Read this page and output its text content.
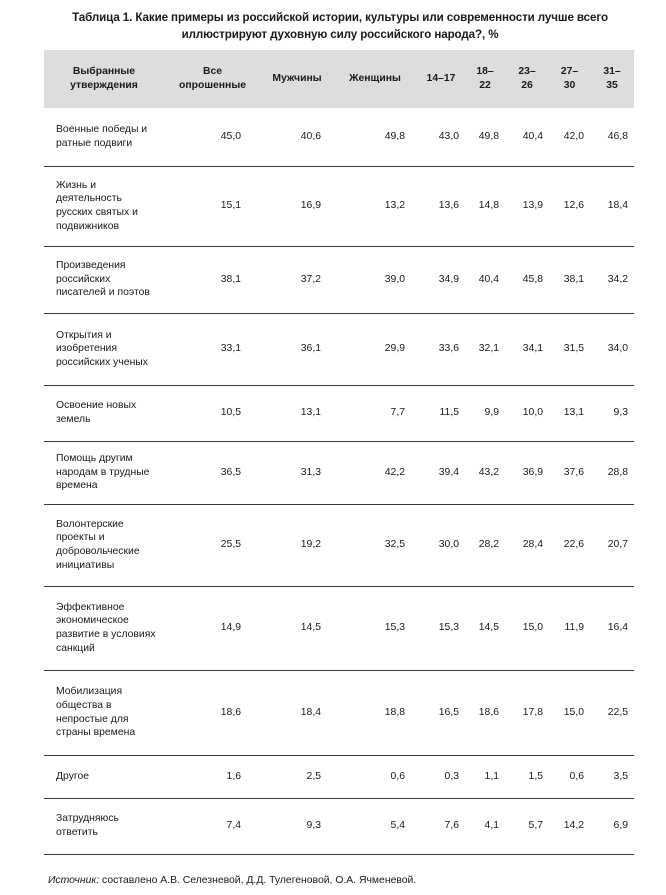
Таблица 1. Какие примеры из российской истории, культуры или современности лучше всего иллюстрируют духовную силу российского народа?, %
Выбранные утверждения	Все опрошенные	Мужчины	Женщины	14–17	18–22	23–26	27–30	31–35
Военные победы и ратные подвиги	45,0	40,6	49,8	43,0	49,8	40,4	42,0	46,8
Жизнь и деятельность русских святых и подвижников	15,1	16,9	13,2	13,6	14,8	13,9	12,6	18,4
Произведения российских писателей и поэтов	38,1	37,2	39,0	34,9	40,4	45,8	38,1	34,2
Открытия и изобретения российских ученых	33,1	36,1	29,9	33,6	32,1	34,1	31,5	34,0
Освоение новых земель	10,5	13,1	7,7	11,5	9,9	10,0	13,1	9,3
Помощь другим народам в трудные времена	36,5	31,3	42,2	39,4	43,2	36,9	37,6	28,8
Волонтерские проекты и добровольческие инициативы	25,5	19,2	32,5	30,0	28,2	28,4	22,6	20,7
Эффективное экономическое развитие в условиях санкций	14,9	14,5	15,3	15,3	14,5	15,0	11,9	16,4
Мобилизация общества в непростые для страны времена	18,6	18,4	18,8	16,5	18,6	17,8	15,0	22,5
Другое	1,6	2,5	0,6	0,3	1,1	1,5	0,6	3,5
Затрудняюсь ответить	7,4	9,3	5,4	7,6	4,1	5,7	14,2	6,9
Источник: составлено А.В. Селезневой, Д.Д. Тулегеновой, О.А. Ячменевой.
